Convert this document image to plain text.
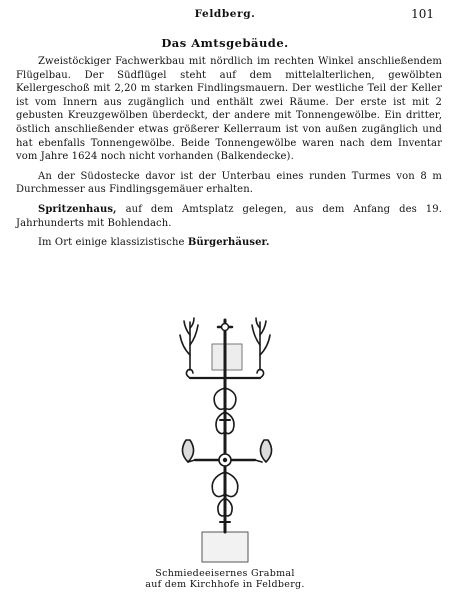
Feldberg.	101
Das Amtsgebäude.

Zweistöckiger Fachwerkbau mit nördlich im rechten Winkel anschließendem Flügelbau. Der Südflügel steht auf dem mittelalterlichen, gewölbten Kellergeschoß mit 2,20 m starken Findlingsmauern. Der westliche Teil der Keller ist vom Innern aus zugänglich und enthält zwei Räume. Der erste ist mit 2 gebusten Kreuzgewölben überdeckt, der andere mit Tonnengewölbe. Ein dritter, östlich anschließender etwas größerer Kellerraum ist von außen zugänglich und hat ebenfalls Tonnengewölbe. Beide Tonnengewölbe waren nach dem Inventar vom Jahre 1624 noch nicht vorhanden (Balkendecke).

An der Südostecke davor ist der Unterbau eines runden Turmes von 8 m Durchmesser aus Findlingsgemäuer erhalten.

Spritzenhaus, auf dem Amtsplatz gelegen, aus dem Anfang des 19. Jahrhunderts mit Bohlendach.

Im Ort einige klassizistische Bürgerhäuser.

Schmiedeeisernes Grabmal
auf dem Kirchhofe in Feldberg.
